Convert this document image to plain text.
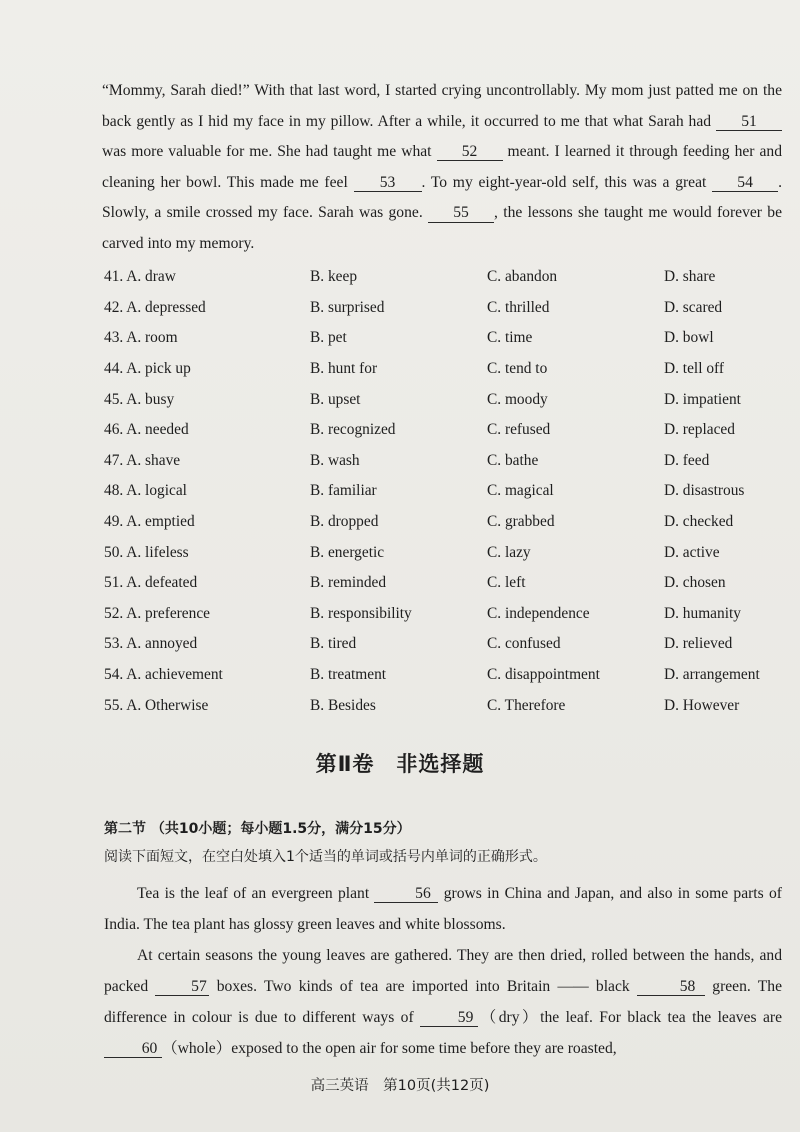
“Mommy, Sarah died!” With that last word, I started crying uncontrollably. My mom just patted me on the back gently as I hid my face in my pillow. After a while, it occurred to me that what Sarah had 51 was more valuable for me. She had taught me what 52 meant. I learned it through feeding her and cleaning her bowl. This made me feel 53 . To my eight-year-old self, this was a great 54 . Slowly, a smile crossed my face. Sarah was gone. 55 , the lessons she taught me would forever be carved into my memory.

41. A. draw	B. keep	C. abandon	D. share
42. A. depressed	B. surprised	C. thrilled	D. scared
43. A. room	B. pet	C. time	D. bowl
44. A. pick up	B. hunt for	C. tend to	D. tell off
45. A. busy	B. upset	C. moody	D. impatient
46. A. needed	B. recognized	C. refused	D. replaced
47. A. shave	B. wash	C. bathe	D. feed
48. A. logical	B. familiar	C. magical	D. disastrous
49. A. emptied	B. dropped	C. grabbed	D. checked
50. A. lifeless	B. energetic	C. lazy	D. active
51. A. defeated	B. reminded	C. left	D. chosen
52. A. preference	B. responsibility	C. independence	D. humanity
53. A. annoyed	B. tired	C. confused	D. relieved
54. A. achievement	B. treatment	C. disappointment	D. arrangement
55. A. Otherwise	B. Besides	C. Therefore	D. However
第Ⅱ卷　非选择题
第二节 （共10小题；每小题1.5分，满分15分）
阅读下面短文，在空白处填入1个适当的单词或括号内单词的正确形式。

Tea is the leaf of an evergreen plant	56 grows in China and Japan, and also in some parts of India. The tea plant has glossy green leaves and white blossoms.

At certain seasons the young leaves are gathered. They are then dried, rolled between the hands, and packed	57 boxes. Two kinds of tea are imported into Britain —— black	58 green. The difference in colour is due to different ways of	59 （dry）the leaf. For black tea the leaves are 60 （whole）exposed to the open air for some time before they are roasted,

高三英语　第10页(共12页)
